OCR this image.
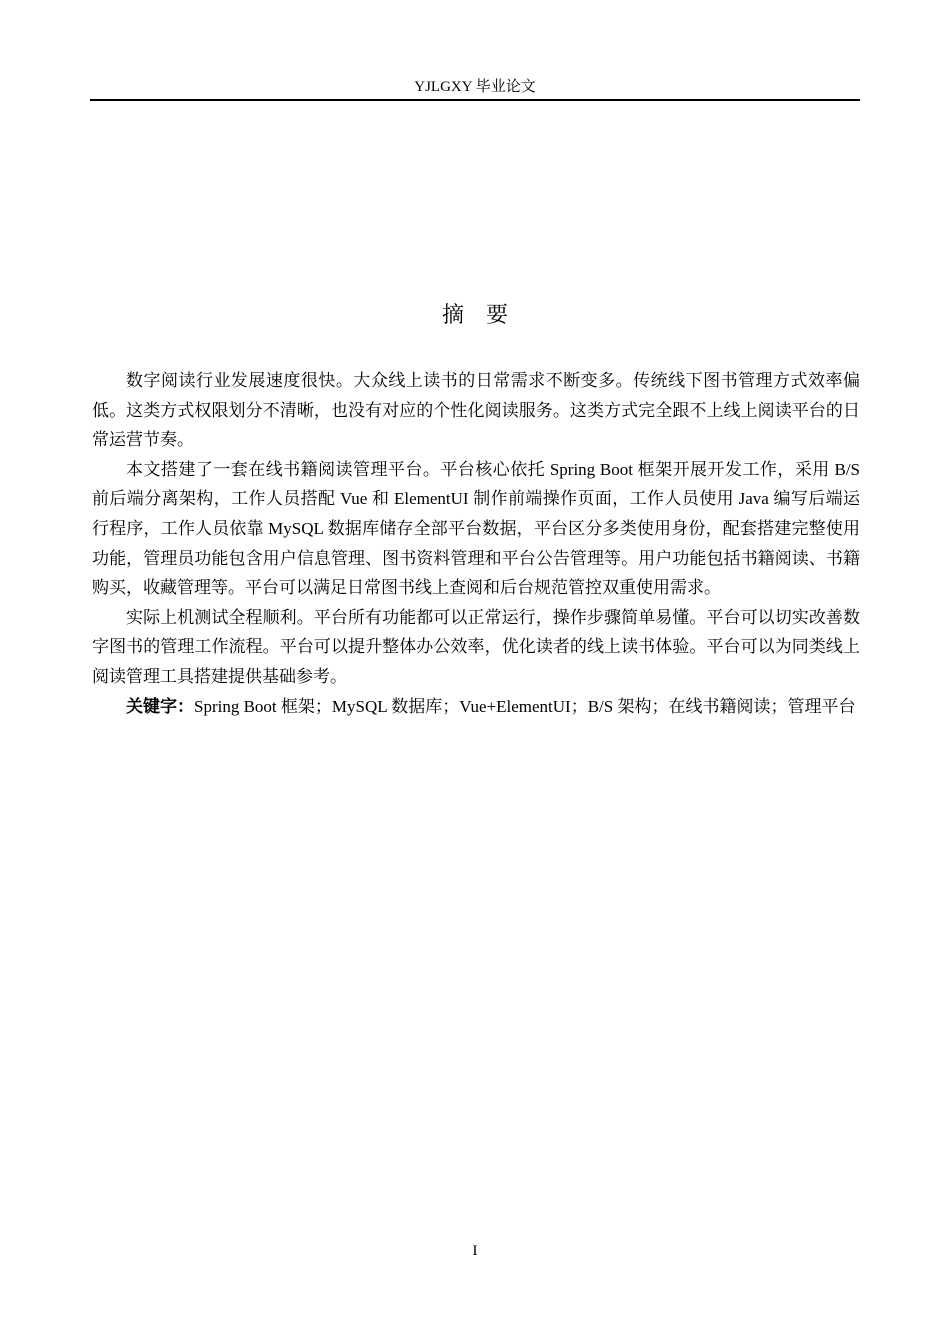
YJLGXY 毕业论文
摘要

数字阅读行业发展速度很快。大众线上读书的日常需求不断变多。传统线下图书管理方式效率偏低。这类方式权限划分不清晰，也没有对应的个性化阅读服务。这类方式完全跟不上线上阅读平台的日常运营节奏。

本文搭建了一套在线书籍阅读管理平台。平台核心依托 Spring Boot 框架开展开发工作，采用 B/S 前后端分离架构，工作人员搭配 Vue 和 ElementUI 制作前端操作页面，工作人员使用 Java 编写后端运行程序，工作人员依靠 MySQL 数据库储存全部平台数据，平台区分多类使用身份，配套搭建完整使用功能，管理员功能包含用户信息管理、图书资料管理和平台公告管理等。用户功能包括书籍阅读、书籍购买，收藏管理等。平台可以满足日常图书线上查阅和后台规范管控双重使用需求。

实际上机测试全程顺利。平台所有功能都可以正常运行，操作步骤简单易懂。平台可以切实改善数字图书的管理工作流程。平台可以提升整体办公效率，优化读者的线上读书体验。平台可以为同类线上阅读管理工具搭建提供基础参考。

关键字：Spring Boot 框架；MySQL 数据库；Vue+ElementUI；B/S 架构；在线书籍阅读；管理平台

I
